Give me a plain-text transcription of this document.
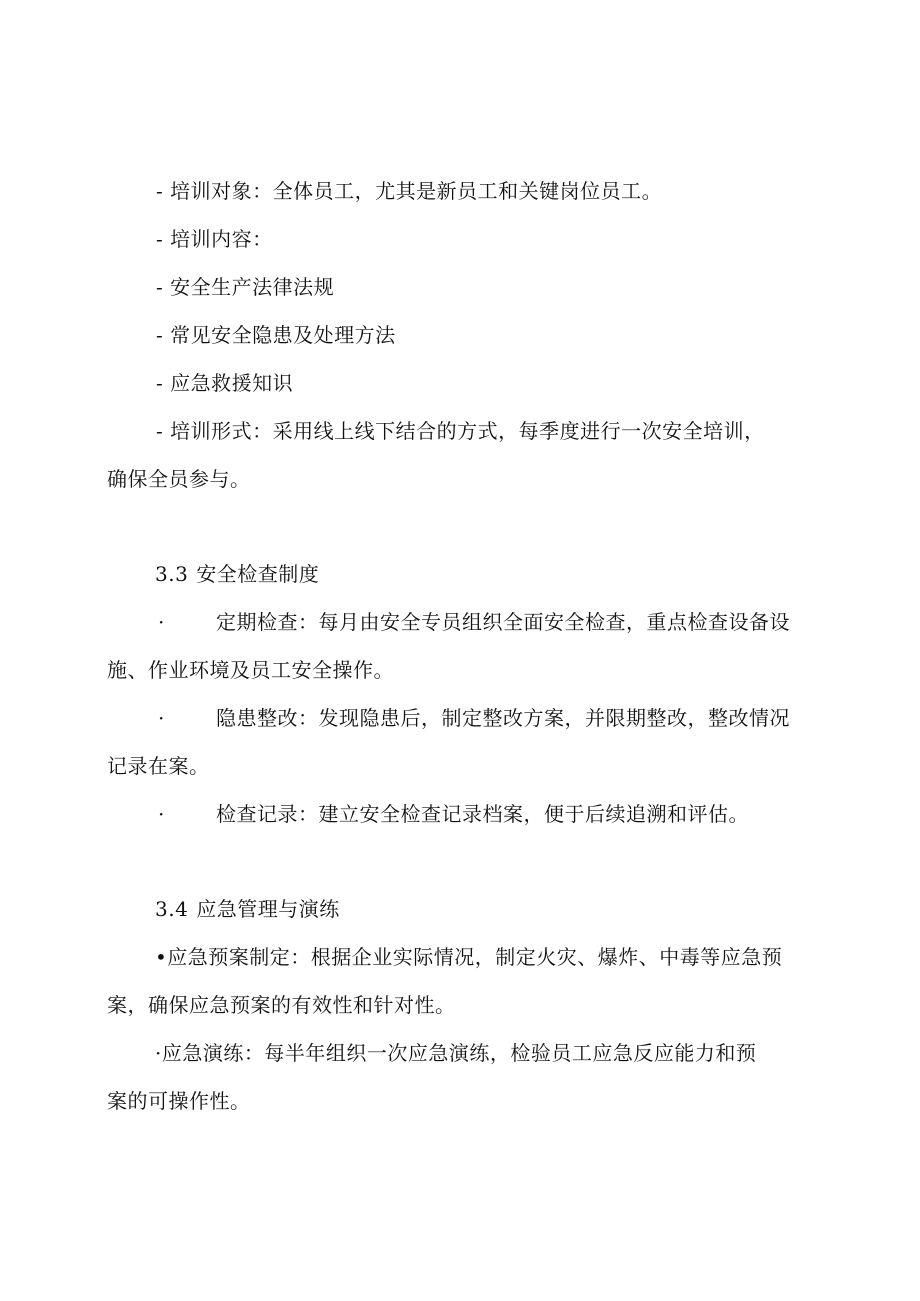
- 培训对象：全体员工，尤其是新员工和关键岗位员工。
- 培训内容：
- 安全生产法律法规
- 常见安全隐患及处理方法
- 应急救援知识
- 培训形式：采用线上线下结合的方式，每季度进行一次安全培训，
确保全员参与。
3.3 安全检查制度
·	定期检查：每月由安全专员组织全面安全检查，重点检查设备设
施、作业环境及员工安全操作。
·	隐患整改：发现隐患后，制定整改方案，并限期整改，整改情况
记录在案。
·	检查记录：建立安全检查记录档案，便于后续追溯和评估。
3.4 应急管理与演练
•应急预案制定：根据企业实际情况，制定火灾、爆炸、中毒等应急预
案，确保应急预案的有效性和针对性。
·应急演练：每半年组织一次应急演练，检验员工应急反应能力和预
案的可操作性。
